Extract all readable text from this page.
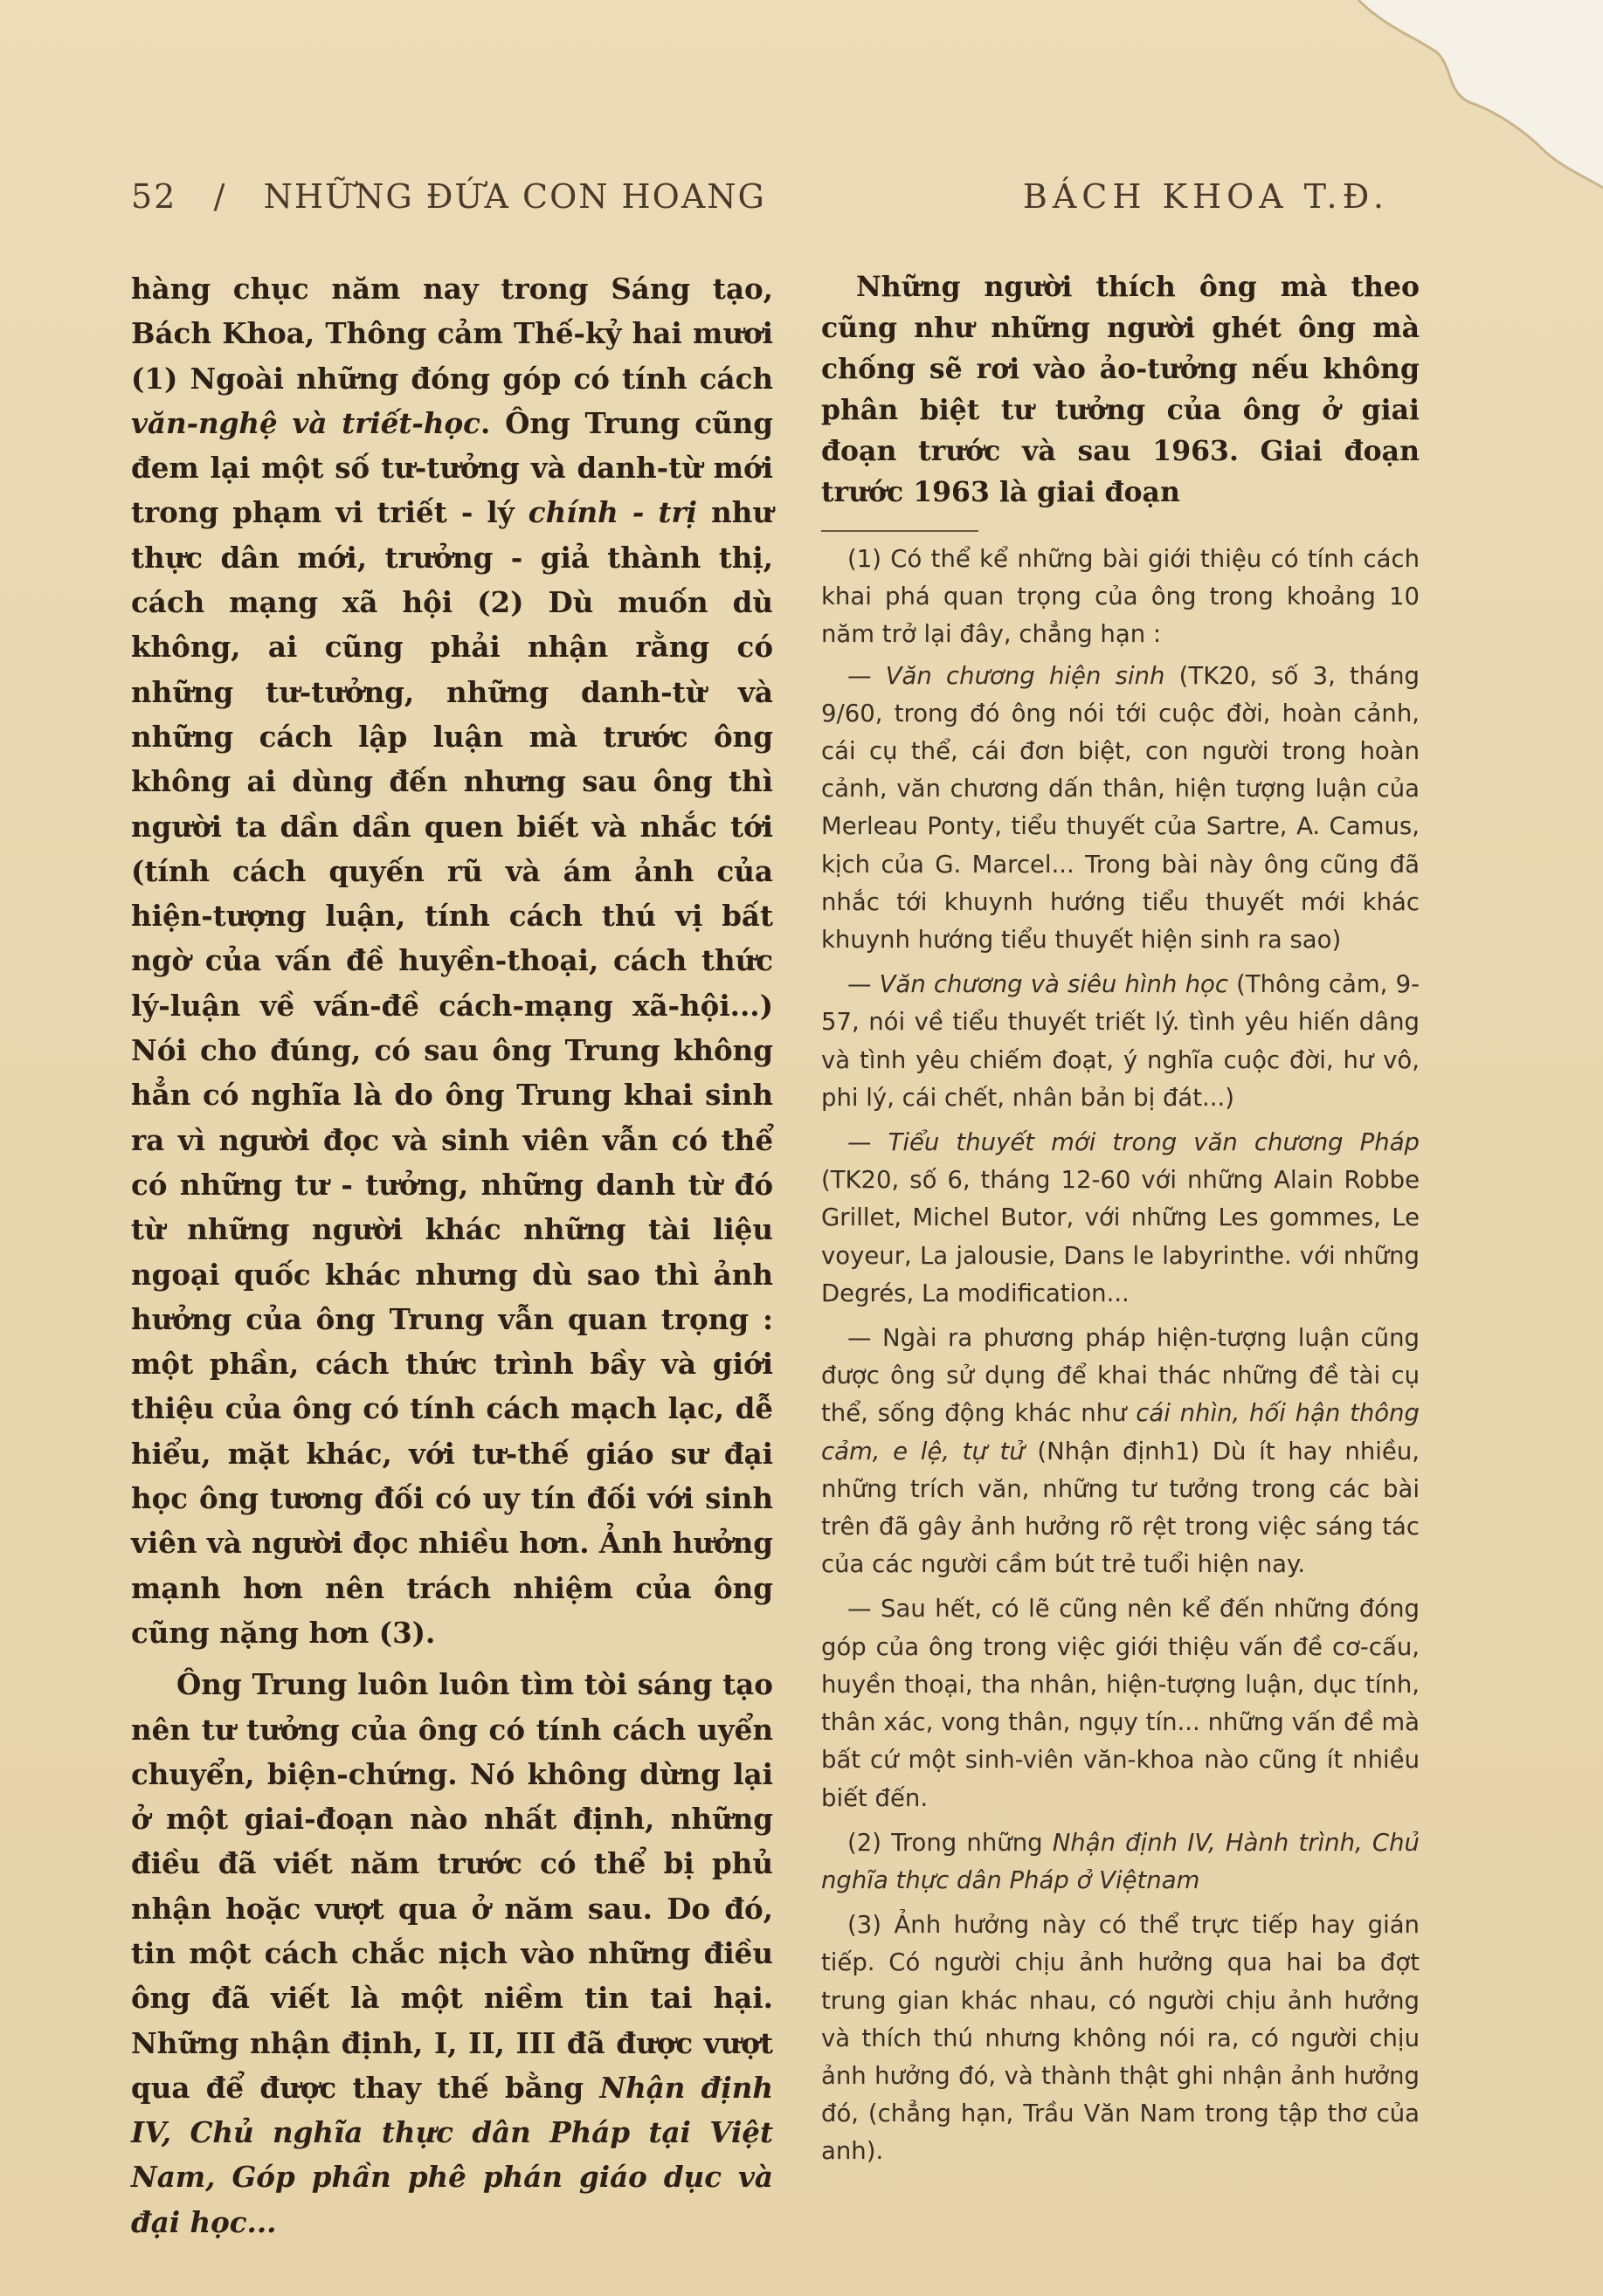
52 / NHỮNG ĐỨA CON HOANG	BÁCH KHOA T.Đ.

hàng chục năm nay trong Sáng tạo, Bách Khoa, Thông cảm Thế-kỷ hai mươi (1) Ngoài những đóng góp có tính cách văn-nghệ và triết-học. Ông Trung cũng đem lại một số tư-tưởng và danh-từ mới trong phạm vi triết - lý chính - trị như thực dân mới, trưởng - giả thành thị, cách mạng xã hội (2) Dù muốn dù không, ai cũng phải nhận rằng có những tư-tưởng, những danh-từ và những cách lập luận mà trước ông không ai dùng đến nhưng sau ông thì người ta dần dần quen biết và nhắc tới (tính cách quyến rũ và ám ảnh của hiện-tượng luận, tính cách thú vị bất ngờ của vấn đề huyền-thoại, cách thức lý-luận về vấn-đề cách-mạng xã-hội...) Nói cho đúng, có sau ông Trung không hẳn có nghĩa là do ông Trung khai sinh ra vì người đọc và sinh viên vẫn có thể có những tư - tưởng, những danh từ đó từ những người khác những tài liệu ngoại quốc khác nhưng dù sao thì ảnh hưởng của ông Trung vẫn quan trọng : một phần, cách thức trình bầy và giới thiệu của ông có tính cách mạch lạc, dễ hiểu, mặt khác, với tư-thế giáo sư đại học ông tương đối có uy tín đối với sinh viên và người đọc nhiều hơn. Ảnh hưởng mạnh hơn nên trách nhiệm của ông cũng nặng hơn (3).

Ông Trung luôn luôn tìm tòi sáng tạo nên tư tưởng của ông có tính cách uyển chuyển, biện-chứng. Nó không dừng lại ở một giai-đoạn nào nhất định, những điều đã viết năm trước có thể bị phủ nhận hoặc vượt qua ở năm sau. Do đó, tin một cách chắc nịch vào những điều ông đã viết là một niềm tin tai hại. Những nhận định, I, II, III đã được vượt qua để được thay thế bằng Nhận định IV, Chủ nghĩa thực dân Pháp tại Việt Nam, Góp phần phê phán giáo dục và đại học...

Những người thích ông mà theo cũng như những người ghét ông mà chống sẽ rơi vào ảo-tưởng nếu không phân biệt tư tưởng của ông ở giai đoạn trước và sau 1963. Giai đoạn trước 1963 là giai đoạn

(1) Có thể kể những bài giới thiệu có tính cách khai phá quan trọng của ông trong khoảng 10 năm trở lại đây, chẳng hạn :

— Văn chương hiện sinh (TK20, số 3, tháng 9/60, trong đó ông nói tới cuộc đời, hoàn cảnh, cái cụ thể, cái đơn biệt, con người trong hoàn cảnh, văn chương dấn thân, hiện tượng luận của Merleau Ponty, tiểu thuyết của Sartre, A. Camus, kịch của G. Marcel... Trong bài này ông cũng đã nhắc tới khuynh hướng tiểu thuyết mới khác khuynh hướng tiểu thuyết hiện sinh ra sao)

— Văn chương và siêu hình học (Thông cảm, 9-57, nói về tiểu thuyết triết lý. tình yêu hiến dâng và tình yêu chiếm đoạt, ý nghĩa cuộc đời, hư vô, phi lý, cái chết, nhân bản bị đát...)

— Tiểu thuyết mới trong văn chương Pháp (TK20, số 6, tháng 12-60 với những Alain Robbe Grillet, Michel Butor, với những Les gommes, Le voyeur, La jalousie, Dans le labyrinthe. với những Degrés, La modification...

— Ngài ra phương pháp hiện-tượng luận cũng được ông sử dụng để khai thác những đề tài cụ thể, sống động khác như cái nhìn, hối hận thông cảm, e lệ, tự tử (Nhận định1) Dù ít hay nhiều, những trích văn, những tư tưởng trong các bài trên đã gây ảnh hưởng rõ rệt trong việc sáng tác của các người cầm bút trẻ tuổi hiện nay.

— Sau hết, có lẽ cũng nên kể đến những đóng góp của ông trong việc giới thiệu vấn đề cơ-cấu, huyền thoại, tha nhân, hiện-tượng luận, dục tính, thân xác, vong thân, ngụy tín... những vấn đề mà bất cứ một sinh-viên văn-khoa nào cũng ít nhiều biết đến.

(2) Trong những Nhận định IV, Hành trình, Chủ nghĩa thực dân Pháp ở Việtnam

(3) Ảnh hưởng này có thể trực tiếp hay gián tiếp. Có người chịu ảnh hưởng qua hai ba đợt trung gian khác nhau, có người chịu ảnh hưởng và thích thú nhưng không nói ra, có người chịu ảnh hưởng đó, và thành thật ghi nhận ảnh hưởng đó, (chẳng hạn, Trầu Văn Nam trong tập thơ của anh).
